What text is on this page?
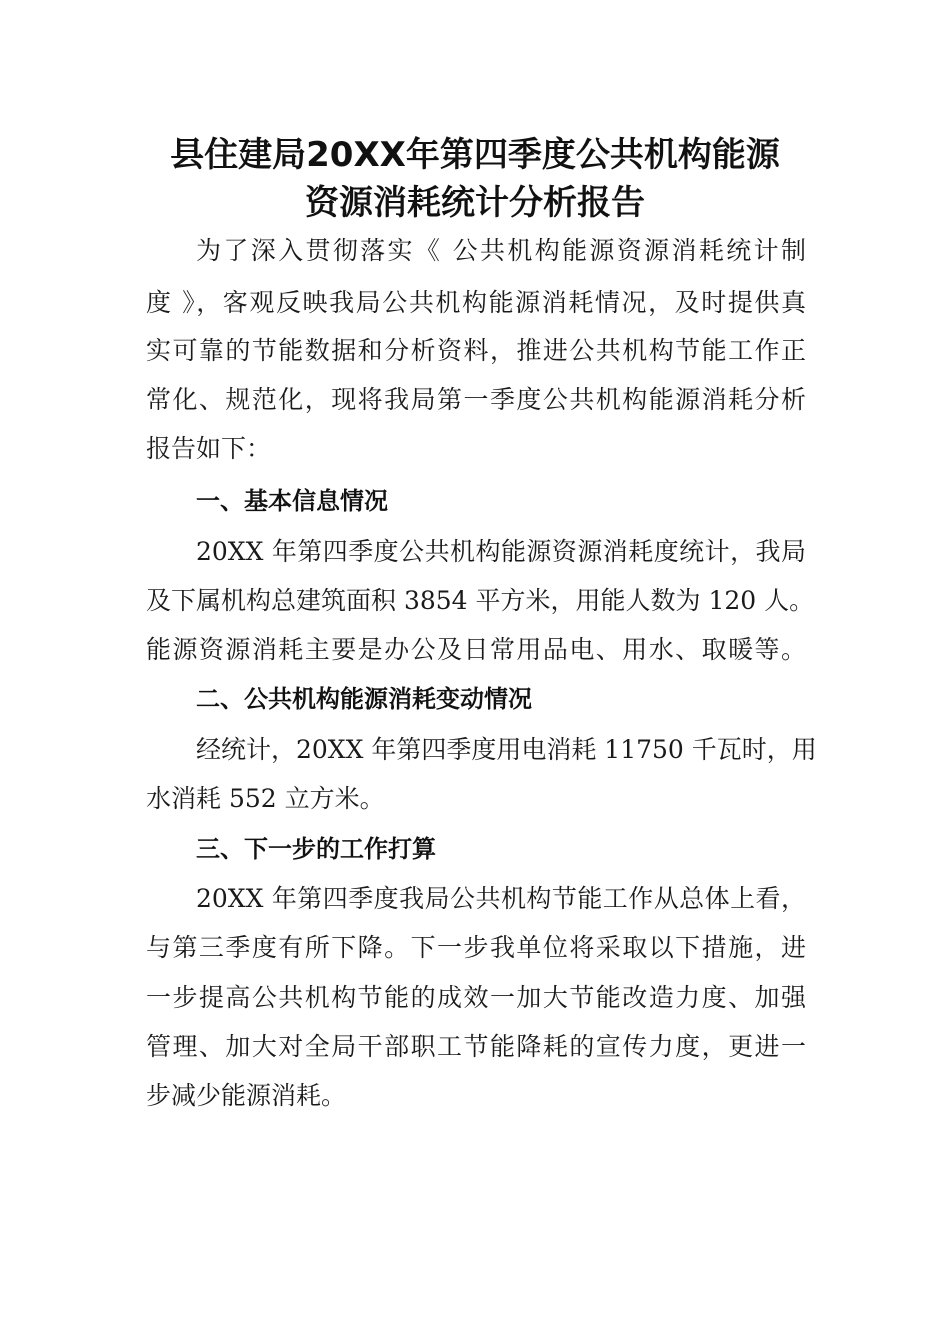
县住建局20XX年第四季度公共机构能源
资源消耗统计分析报告
为了深入贯彻落实《 公共机构能源资源消耗统计制
度 》，客观反映我局公共机构能源消耗情况，及时提供真
实可靠的节能数据和分析资料，推进公共机构节能工作正
常化、规范化，现将我局第一季度公共机构能源消耗分析
报告如下：
一、基本信息情况
20XX 年第四季度公共机构能源资源消耗度统计，我局
及下属机构总建筑面积 3854 平方米，用能人数为 120 人。
能源资源消耗主要是办公及日常用品电、用水、取暖等。
二、公共机构能源消耗变动情况
经统计，20XX 年第四季度用电消耗 11750 千瓦时，用
水消耗 552 立方米。
三、下一步的工作打算
20XX 年第四季度我局公共机构节能工作从总体上看，
与第三季度有所下降。下一步我单位将采取以下措施，进
一步提高公共机构节能的成效一加大节能改造力度、加强
管理、加大对全局干部职工节能降耗的宣传力度，更进一
步减少能源消耗。
